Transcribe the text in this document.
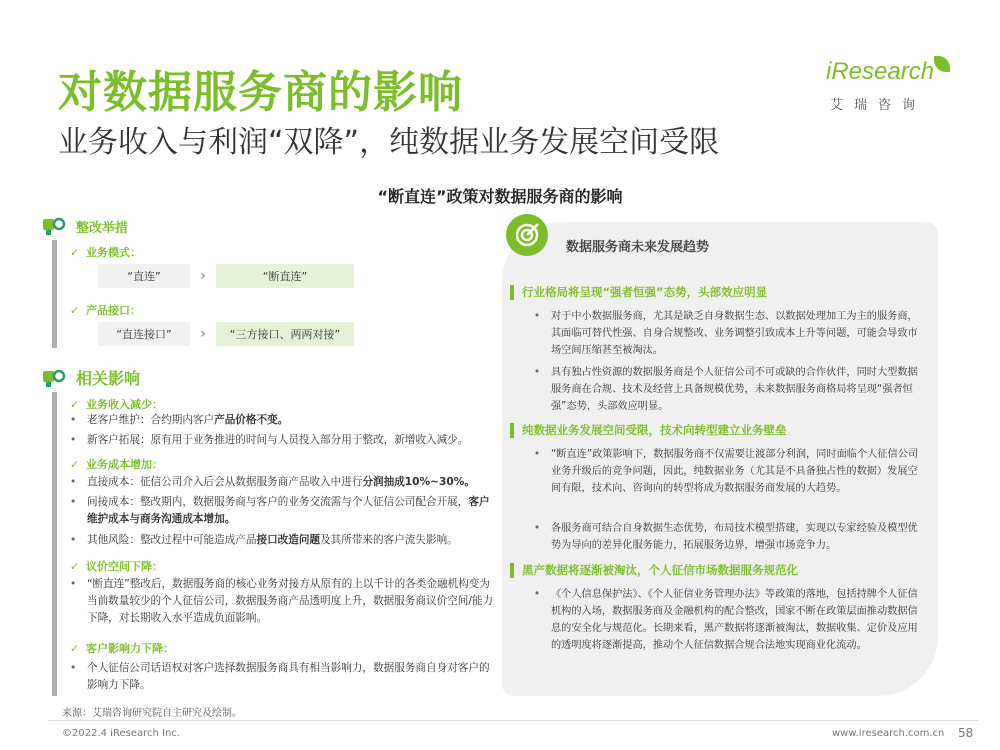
对数据服务商的影响
业务收入与利润“双降”，纯数据业务发展空间受限
iResearch
艾瑞咨询
“断直连”政策对数据服务商的影响
整改举措
✓ 业务模式：
“直连”	›	“断直连”
✓ 产品接口：
“直连接口”	›	“三方接口、两两对接”
相关影响
✓ 业务收入减少：
• 老客户维护：合约期内客户产品价格不变。
• 新客户拓展：原有用于业务推进的时间与人员投入部分用于整改，新增收入减少。
✓ 业务成本增加：
• 直接成本：征信公司介入后会从数据服务商产品收入中进行分润抽成10%~30%。
• 间接成本：整改期内，数据服务商与客户的业务交流需与个人征信公司配合开展，客户维护成本与商务沟通成本增加。
• 其他风险：整改过程中可能造成产品接口改造问题及其所带来的客户流失影响。
✓ 议价空间下降：
• “断直连”整改后，数据服务商的核心业务对接方从原有的上以千计的各类金融机构变为当前数量较少的个人征信公司，数据服务商产品透明度上升，数据服务商议价空间/能力下降，对长期收入水平造成负面影响。
✓ 客户影响力下降：
• 个人征信公司话语权对客户选择数据服务商具有相当影响力，数据服务商自身对客户的影响力下降。
数据服务商未来发展趋势
行业格局将呈现“强者恒强”态势，头部效应明显
• 对于中小数据服务商，尤其是缺乏自身数据生态、以数据处理加工为主的服务商，其面临可替代性强、自身合规整改、业务调整引致成本上升等问题，可能会导致市场空间压缩甚至被淘汰。
• 具有独占性资源的数据服务商是个人征信公司不可或缺的合作伙伴，同时大型数据服务商在合规、技术及经营上具备规模优势，未来数据服务商格局将呈现“强者恒强”态势，头部效应明显。
纯数据业务发展空间受限，技术向转型建立业务壁垒
• “断直连”政策影响下，数据服务商不仅需要让渡部分利润，同时面临个人征信公司业务升级后的竞争问题，因此，纯数据业务（尤其是不具备独占性的数据）发展空间有限，技术向、咨询向的转型将成为数据服务商发展的大趋势。
• 各服务商可结合自身数据生态优势，布局技术模型搭建，实现以专家经验及模型优势为导向的差异化服务能力，拓展服务边界，增强市场竞争力。
黑产数据将逐渐被淘汰，个人征信市场数据服务规范化
• 《个人信息保护法》、《个人征信业务管理办法》等政策的落地，包括持牌个人征信机构的入场，数据服务商及金融机构的配合整改，国家不断在政策层面推动数据信息的安全化与规范化。长期来看，黑产数据将逐渐被淘汰，数据收集、定价及应用的透明度将逐渐提高，推动个人征信数据合规合法地实现商业化流动。
来源：艾瑞咨询研究院自主研究及绘制。
©2022.4 iResearch Inc.	www.iresearch.com.cn 58
